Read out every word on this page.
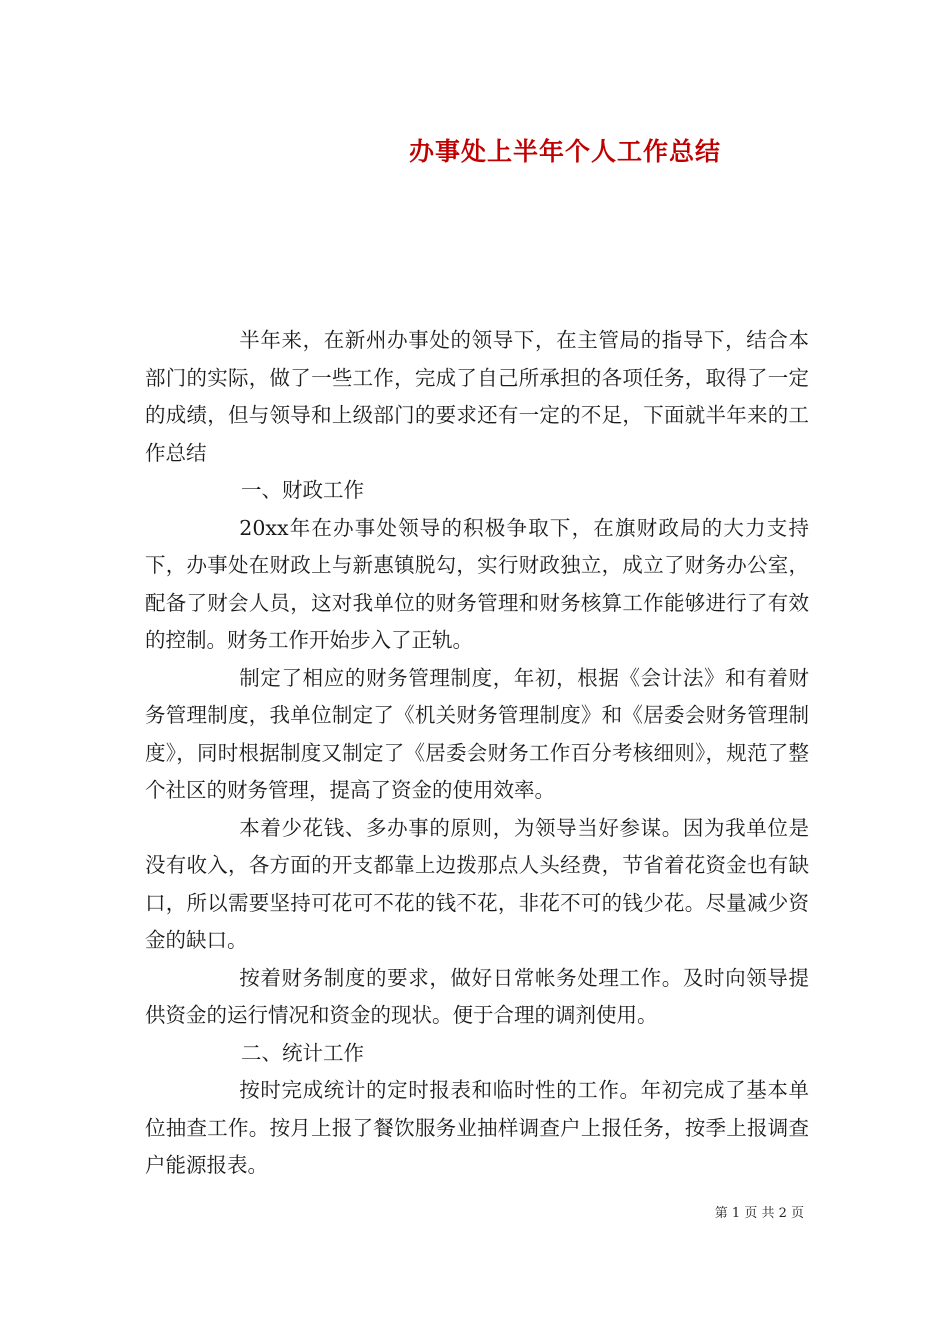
办事处上半年个人工作总结

半年来，在新州办事处的领导下，在主管局的指导下，结合本部门的实际，做了一些工作，完成了自己所承担的各项任务，取得了一定的成绩，但与领导和上级部门的要求还有一定的不足，下面就半年来的工作总结

一、财政工作

20xx年在办事处领导的积极争取下，在旗财政局的大力支持下，办事处在财政上与新惠镇脱勾，实行财政独立，成立了财务办公室，配备了财会人员，这对我单位的财务管理和财务核算工作能够进行了有效的控制。财务工作开始步入了正轨。

制定了相应的财务管理制度，年初，根据《会计法》和有着财务管理制度，我单位制定了《机关财务管理制度》和《居委会财务管理制度》，同时根据制度又制定了《居委会财务工作百分考核细则》，规范了整个社区的财务管理，提高了资金的使用效率。

本着少花钱、多办事的原则，为领导当好参谋。因为我单位是没有收入，各方面的开支都靠上边拨那点人头经费，节省着花资金也有缺口，所以需要坚持可花可不花的钱不花，非花不可的钱少花。尽量减少资金的缺口。

按着财务制度的要求，做好日常帐务处理工作。及时向领导提供资金的运行情况和资金的现状。便于合理的调剂使用。

二、统计工作

按时完成统计的定时报表和临时性的工作。年初完成了基本单位抽查工作。按月上报了餐饮服务业抽样调查户上报任务，按季上报调查户能源报表。

第 1 页 共 2 页
